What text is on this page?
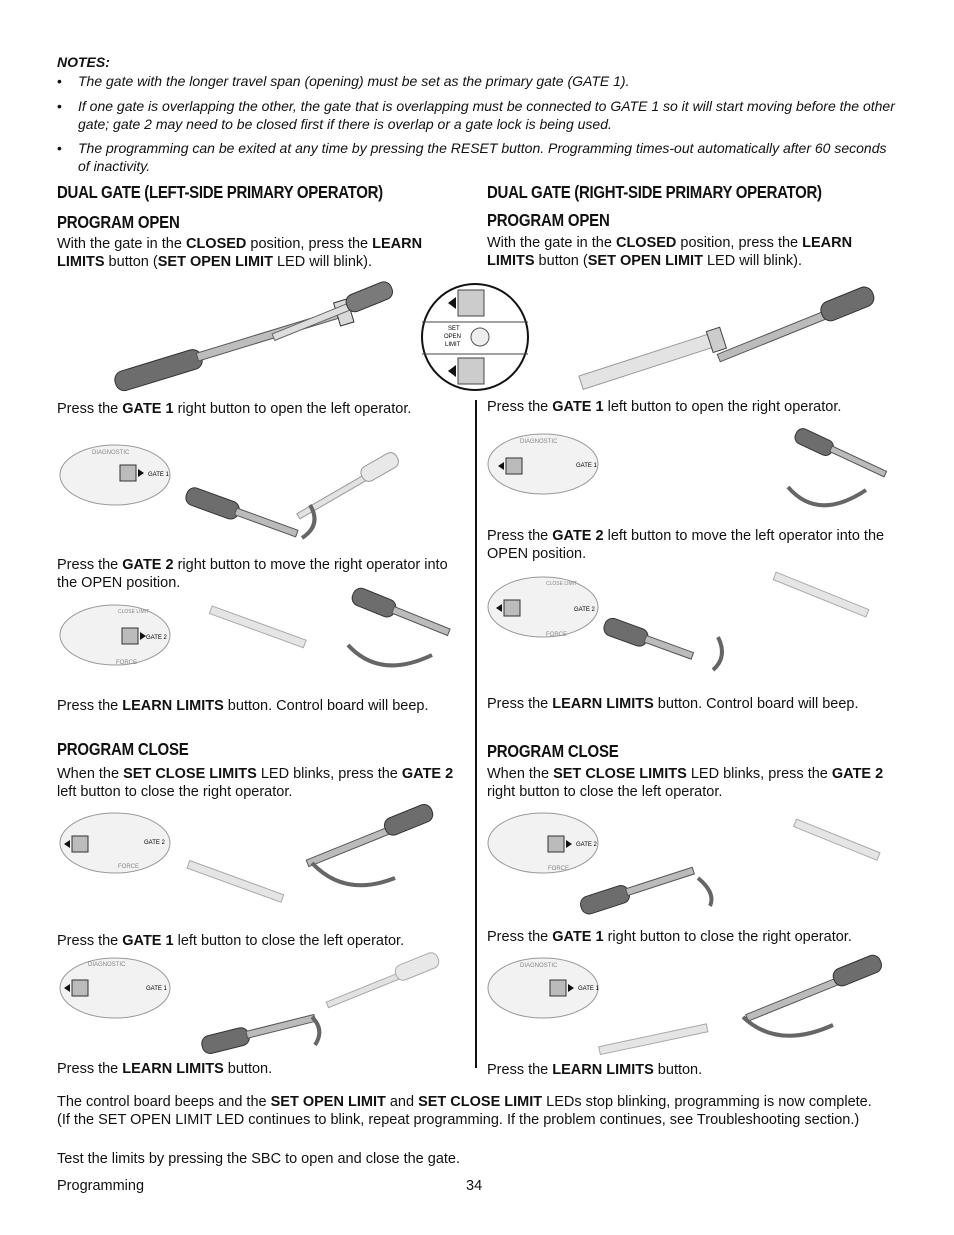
NOTES:
• The gate with the longer travel span (opening) must be set as the primary gate (GATE 1).
• If one gate is overlapping the other, the gate that is overlapping must be connected to GATE 1 so it will start moving before the other gate; gate 2 may need to be closed first if there is overlap or a gate lock is being used.
• The programming can be exited at any time by pressing the RESET button. Programming times-out automatically after 60 seconds of inactivity.
DUAL GATE (LEFT-SIDE PRIMARY OPERATOR)
PROGRAM OPEN
With the gate in the CLOSED position, press the LEARN LIMITS button (SET OPEN LIMIT LED will blink).
DUAL GATE (RIGHT-SIDE PRIMARY OPERATOR)
PROGRAM OPEN
With the gate in the CLOSED position, press the LEARN LIMITS button (SET OPEN LIMIT LED will blink).
SET
OPEN
LIMIT
Press the GATE 1 right button to open the left operator.
DIAGNOSTIC
GATE 1
Press the GATE 1 left button to open the right operator.
DIAGNOSTIC
GATE 1
Press the GATE 2 right button to move the right operator into the OPEN position.
GATE 2
CLOSE LIMIT
FORCE
Press the GATE 2 left button to move the left operator into the OPEN position.
GATE 2
CLOSE LIMIT
FORCE
Press the LEARN LIMITS button. Control board will beep.	Press the LEARN LIMITS button. Control board will beep.
PROGRAM CLOSE	PROGRAM CLOSE
When the SET CLOSE LIMITS LED blinks, press the GATE 2 left button to close the right operator.
When the SET CLOSE LIMITS LED blinks, press the GATE 2 right button to close the left operator.
GATE 2
FORCE
GATE 2
FORCE
Press the GATE 1 left button to close the left operator.	Press the GATE 1 right button to close the right operator.
DIAGNOSTIC
GATE 1
DIAGNOSTIC
GATE 1
Press the LEARN LIMITS button.	Press the LEARN LIMITS button.
The control board beeps and the SET OPEN LIMIT and SET CLOSE LIMIT LEDs stop blinking, programming is now complete. (If the SET OPEN LIMIT LED continues to blink, repeat programming. If the problem continues, see Troubleshooting section.)
Test the limits by pressing the SBC to open and close the gate.
Programming	34
